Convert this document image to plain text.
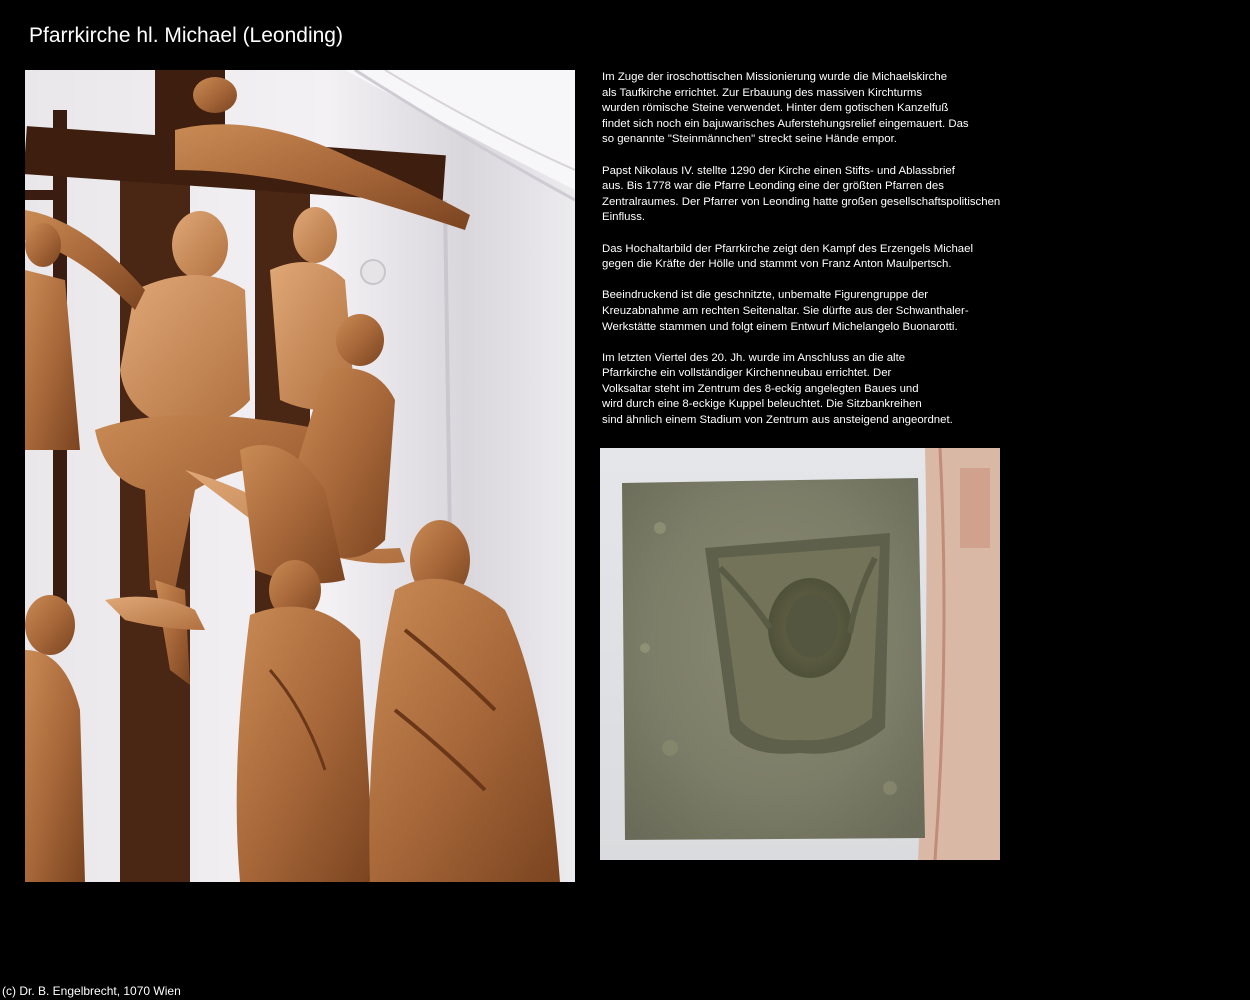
Pfarrkirche hl. Michael (Leonding)

Im Zuge der iroschottischen Missionierung wurde die Michaelskirche
als Taufkirche errichtet. Zur Erbauung des massiven Kirchturms
wurden römische Steine verwendet. Hinter dem gotischen Kanzelfuß
findet sich noch ein bajuwarisches Auferstehungsrelief eingemauert. Das
so genannte "Steinmännchen" streckt seine Hände empor.

Papst Nikolaus IV. stellte 1290 der Kirche einen Stifts- und Ablassbrief
aus. Bis 1778 war die Pfarre Leonding eine der größten Pfarren des
Zentralraumes. Der Pfarrer von Leonding hatte großen gesellschaftspolitischen
Einfluss.

Das Hochaltarbild der Pfarrkirche zeigt den Kampf des Erzengels Michael
gegen die Kräfte der Hölle und stammt von Franz Anton Maulpertsch.

Beeindruckend ist die geschnitzte, unbemalte Figurengruppe der
Kreuzabnahme am rechten Seitenaltar. Sie dürfte aus der Schwanthaler-
Werkstätte stammen und folgt einem Entwurf Michelangelo Buonarotti.

Im letzten Viertel des 20. Jh. wurde im Anschluss an die alte
Pfarrkirche ein vollständiger Kirchenneubau errichtet. Der
Volksaltar steht im Zentrum des 8-eckig angelegten Baues und
wird durch eine 8-eckige Kuppel beleuchtet. Die Sitzbankreihen
sind ähnlich einem Stadium von Zentrum aus ansteigend angeordnet.

(c) Dr. B. Engelbrecht, 1070 Wien
